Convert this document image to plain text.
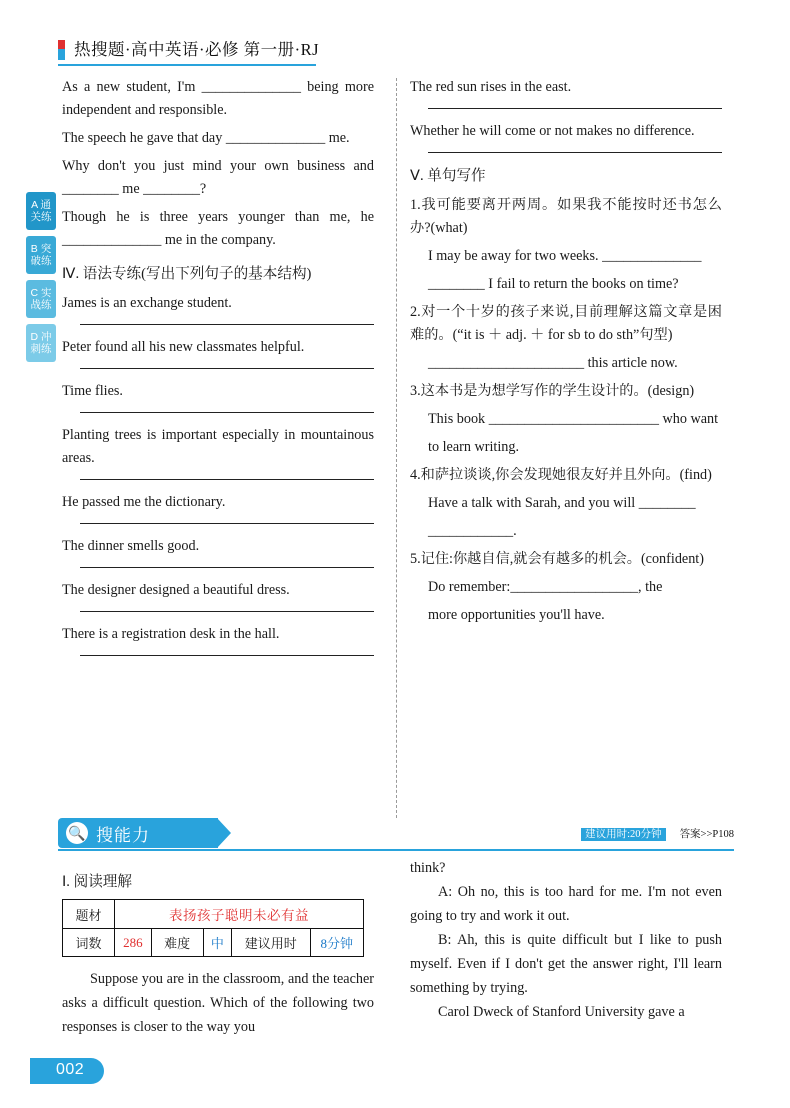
热搜题·高中英语·必修 第一册·RJ
A 通关练
B 突破练
C 实战练
D 冲刺练
As a new student, I'm ______________ being more independent and responsible.
The speech he gave that day ______________ me.
Why don't you just mind your own business and ________ me ________?
Though he is three years younger than me, he ______________ me in the company.
Ⅳ. 语法专练(写出下列句子的基本结构)
James is an exchange student.
Peter found all his new classmates helpful.
Time flies.
Planting trees is important especially in mountainous areas.
He passed me the dictionary.
The dinner smells good.
The designer designed a beautiful dress.
There is a registration desk in the hall.
The red sun rises in the east.
Whether he will come or not makes no difference.
Ⅴ. 单句写作
1.我可能要离开两周。如果我不能按时还书怎么办?(what)
I may be away for two weeks. ______________
________ I fail to return the books on time?
2.对一个十岁的孩子来说,目前理解这篇文章是困难的。(“it is ＋ adj. ＋ for sb to do sth”句型)
______________________ this article now.
3.这本书是为想学写作的学生设计的。(design)
This book ________________________ who want
to learn writing.
4.和萨拉谈谈,你会发现她很友好并且外向。(find)
Have a talk with Sarah, and you will ________
____________.
5.记住:你越自信,就会有越多的机会。(confident)
Do remember:__________________, the
more opportunities you'll have.
🔍 搜能力	建议用时:20分钟 答案>>P108
Ⅰ. 阅读理解
题材	表扬孩子聪明未必有益				
词数	286	难度	中	建议用时	8分钟
Suppose you are in the classroom, and the teacher asks a difficult question. Which of the following two responses is closer to the way you
think?
A: Oh no, this is too hard for me. I'm not even going to try and work it out.
B: Ah, this is quite difficult but I like to push myself. Even if I don't get the answer right, I'll learn something by trying.
Carol Dweck of Stanford University gave a
002
